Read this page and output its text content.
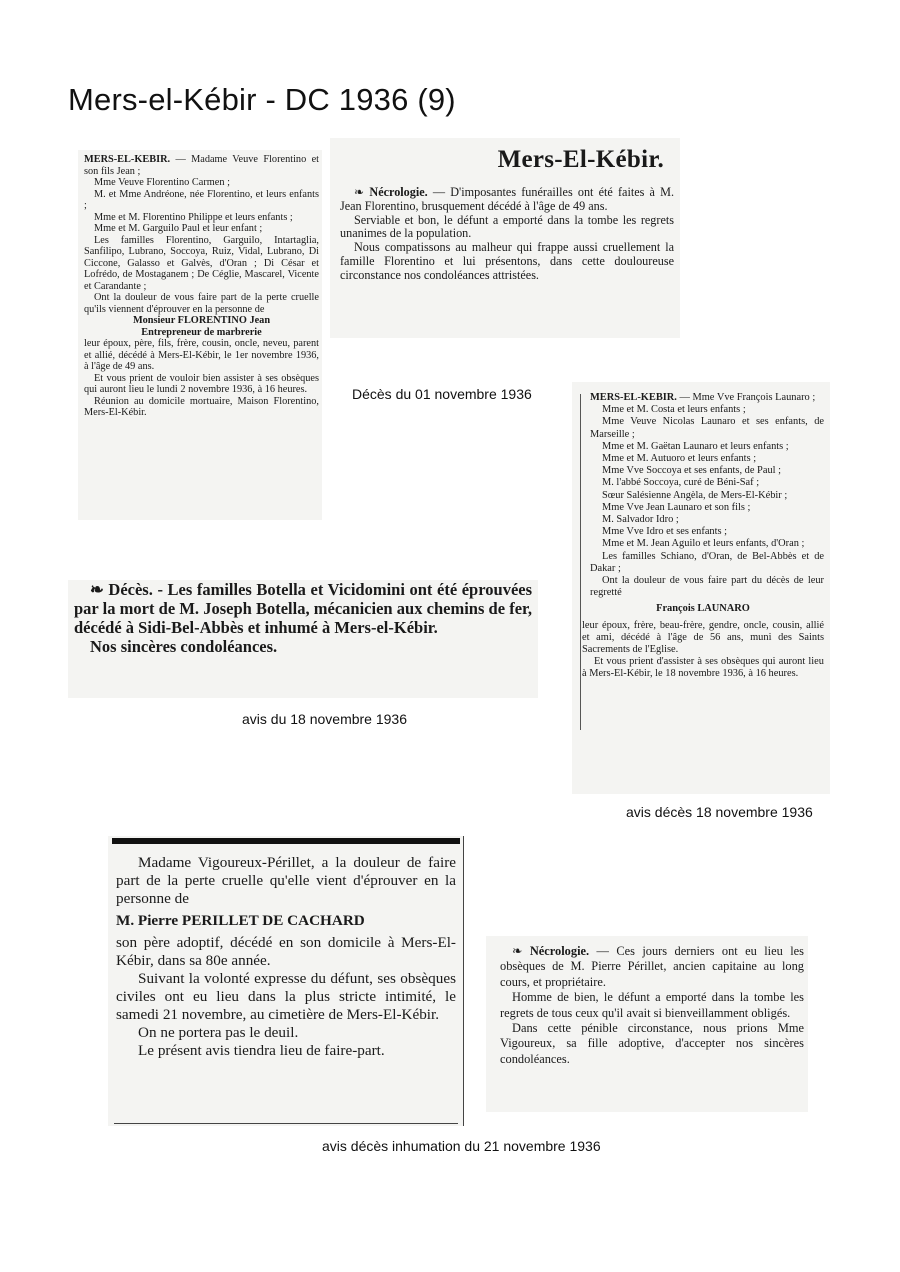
Mers-el-Kébir - DC 1936 (9)

MERS-EL-KEBIR. — Madame Veuve Florentino et son fils Jean ;

Mme Veuve Florentino Carmen ;

M. et Mme Andréone, née Florentino, et leurs enfants ;

Mme et M. Florentino Philippe et leurs enfants ;

Mme et M. Garguilo Paul et leur enfant ;

Les familles Florentino, Garguilo, Intartaglia, Sanfilipo, Lubrano, Soccoya, Ruiz, Vidal, Lubrano, Di Ciccone, Galasso et Galvès, d'Oran ; Di César et Lofrédo, de Mostaganem ; De Céglie, Mascarel, Vicente et Carandante ;

Ont la douleur de vous faire part de la perte cruelle qu'ils viennent d'éprouver en la personne de

Monsieur FLORENTINO Jean

Entrepreneur de marbrerie

leur époux, père, fils, frère, cousin, oncle, neveu, parent et allié, décédé à Mers-El-Kébir, le 1er novembre 1936, à l'âge de 49 ans.

Et vous prient de vouloir bien assister à ses obsèques qui auront lieu le lundi 2 novembre 1936, à 16 heures.

Réunion au domicile mortuaire, Maison Florentino, Mers-El-Kébir.

Mers-El-Kébir.

❧ Nécrologie. — D'imposantes funérailles ont été faites à M. Jean Florentino, brusquement décédé à l'âge de 49 ans.

Serviable et bon, le défunt a emporté dans la tombe les regrets unanimes de la population.

Nous compatissons au malheur qui frappe aussi cruellement la famille Florentino et lui présentons, dans cette douloureuse circonstance nos condoléances attristées.

Décès du 01 novembre 1936	MERS-EL-KEBIR. — Mme Vve François Launaro ;

Mme et M. Costa et leurs enfants ;

Mme Veuve Nicolas Launaro et ses enfants, de Marseille ;

Mme et M. Gaëtan Launaro et leurs enfants ;

Mme et M. Autuoro et leurs enfants ;

Mme Vve Soccoya et ses enfants, de Paul ;

M. l'abbé Soccoya, curé de Béni-Saf ;

Sœur Salésienne Angèla, de Mers-El-Kébir ;

Mme Vve Jean Launaro et son fils ;

M. Salvador Idro ;

Mme Vve Idro et ses enfants ;

Mme et M. Jean Aguilo et leurs enfants, d'Oran ;

Les familles Schiano, d'Oran, de Bel-Abbès et de Dakar ;

Ont la douleur de vous faire part du décès de leur regretté

François LAUNARO

leur époux, frère, beau-frère, gendre, oncle, cousin, allié et ami, décédé à l'âge de 56 ans, muni des Saints Sacrements de l'Eglise.

Et vous prient d'assister à ses obsèques qui auront lieu à Mers-El-Kébir, le 18 novembre 1936, à 16 heures.

❧ Décès. - Les familles Botella et Vicidomini ont été éprouvées par la mort de M. Joseph Botella, mécanicien aux chemins de fer, décédé à Sidi-Bel-Abbès et inhumé à Mers-el-Kébir.

Nos sincères condoléances.

avis du 18 novembre 1936
avis décès 18 novembre 1936

Madame Vigoureux-Périllet, a la douleur de faire part de la perte cruelle qu'elle vient d'éprouver en la personne de

M. Pierre PERILLET DE CACHARD

son père adoptif, décédé en son domicile à Mers-El-Kébir, dans sa 80e année.

Suivant la volonté expresse du défunt, ses obsèques civiles ont eu lieu dans la plus stricte intimité, le samedi 21 novembre, au cimetière de Mers-El-Kébir.

On ne portera pas le deuil.

Le présent avis tiendra lieu de faire-part.

❧ Nécrologie. — Ces jours derniers ont eu lieu les obsèques de M. Pierre Périllet, ancien capitaine au long cours, et propriétaire.

Homme de bien, le défunt a emporté dans la tombe les regrets de tous ceux qu'il avait si bienveillamment obligés.

Dans cette pénible circonstance, nous prions Mme Vigoureux, sa fille adoptive, d'accepter nos sincères condoléances.

avis décès inhumation du 21 novembre 1936
